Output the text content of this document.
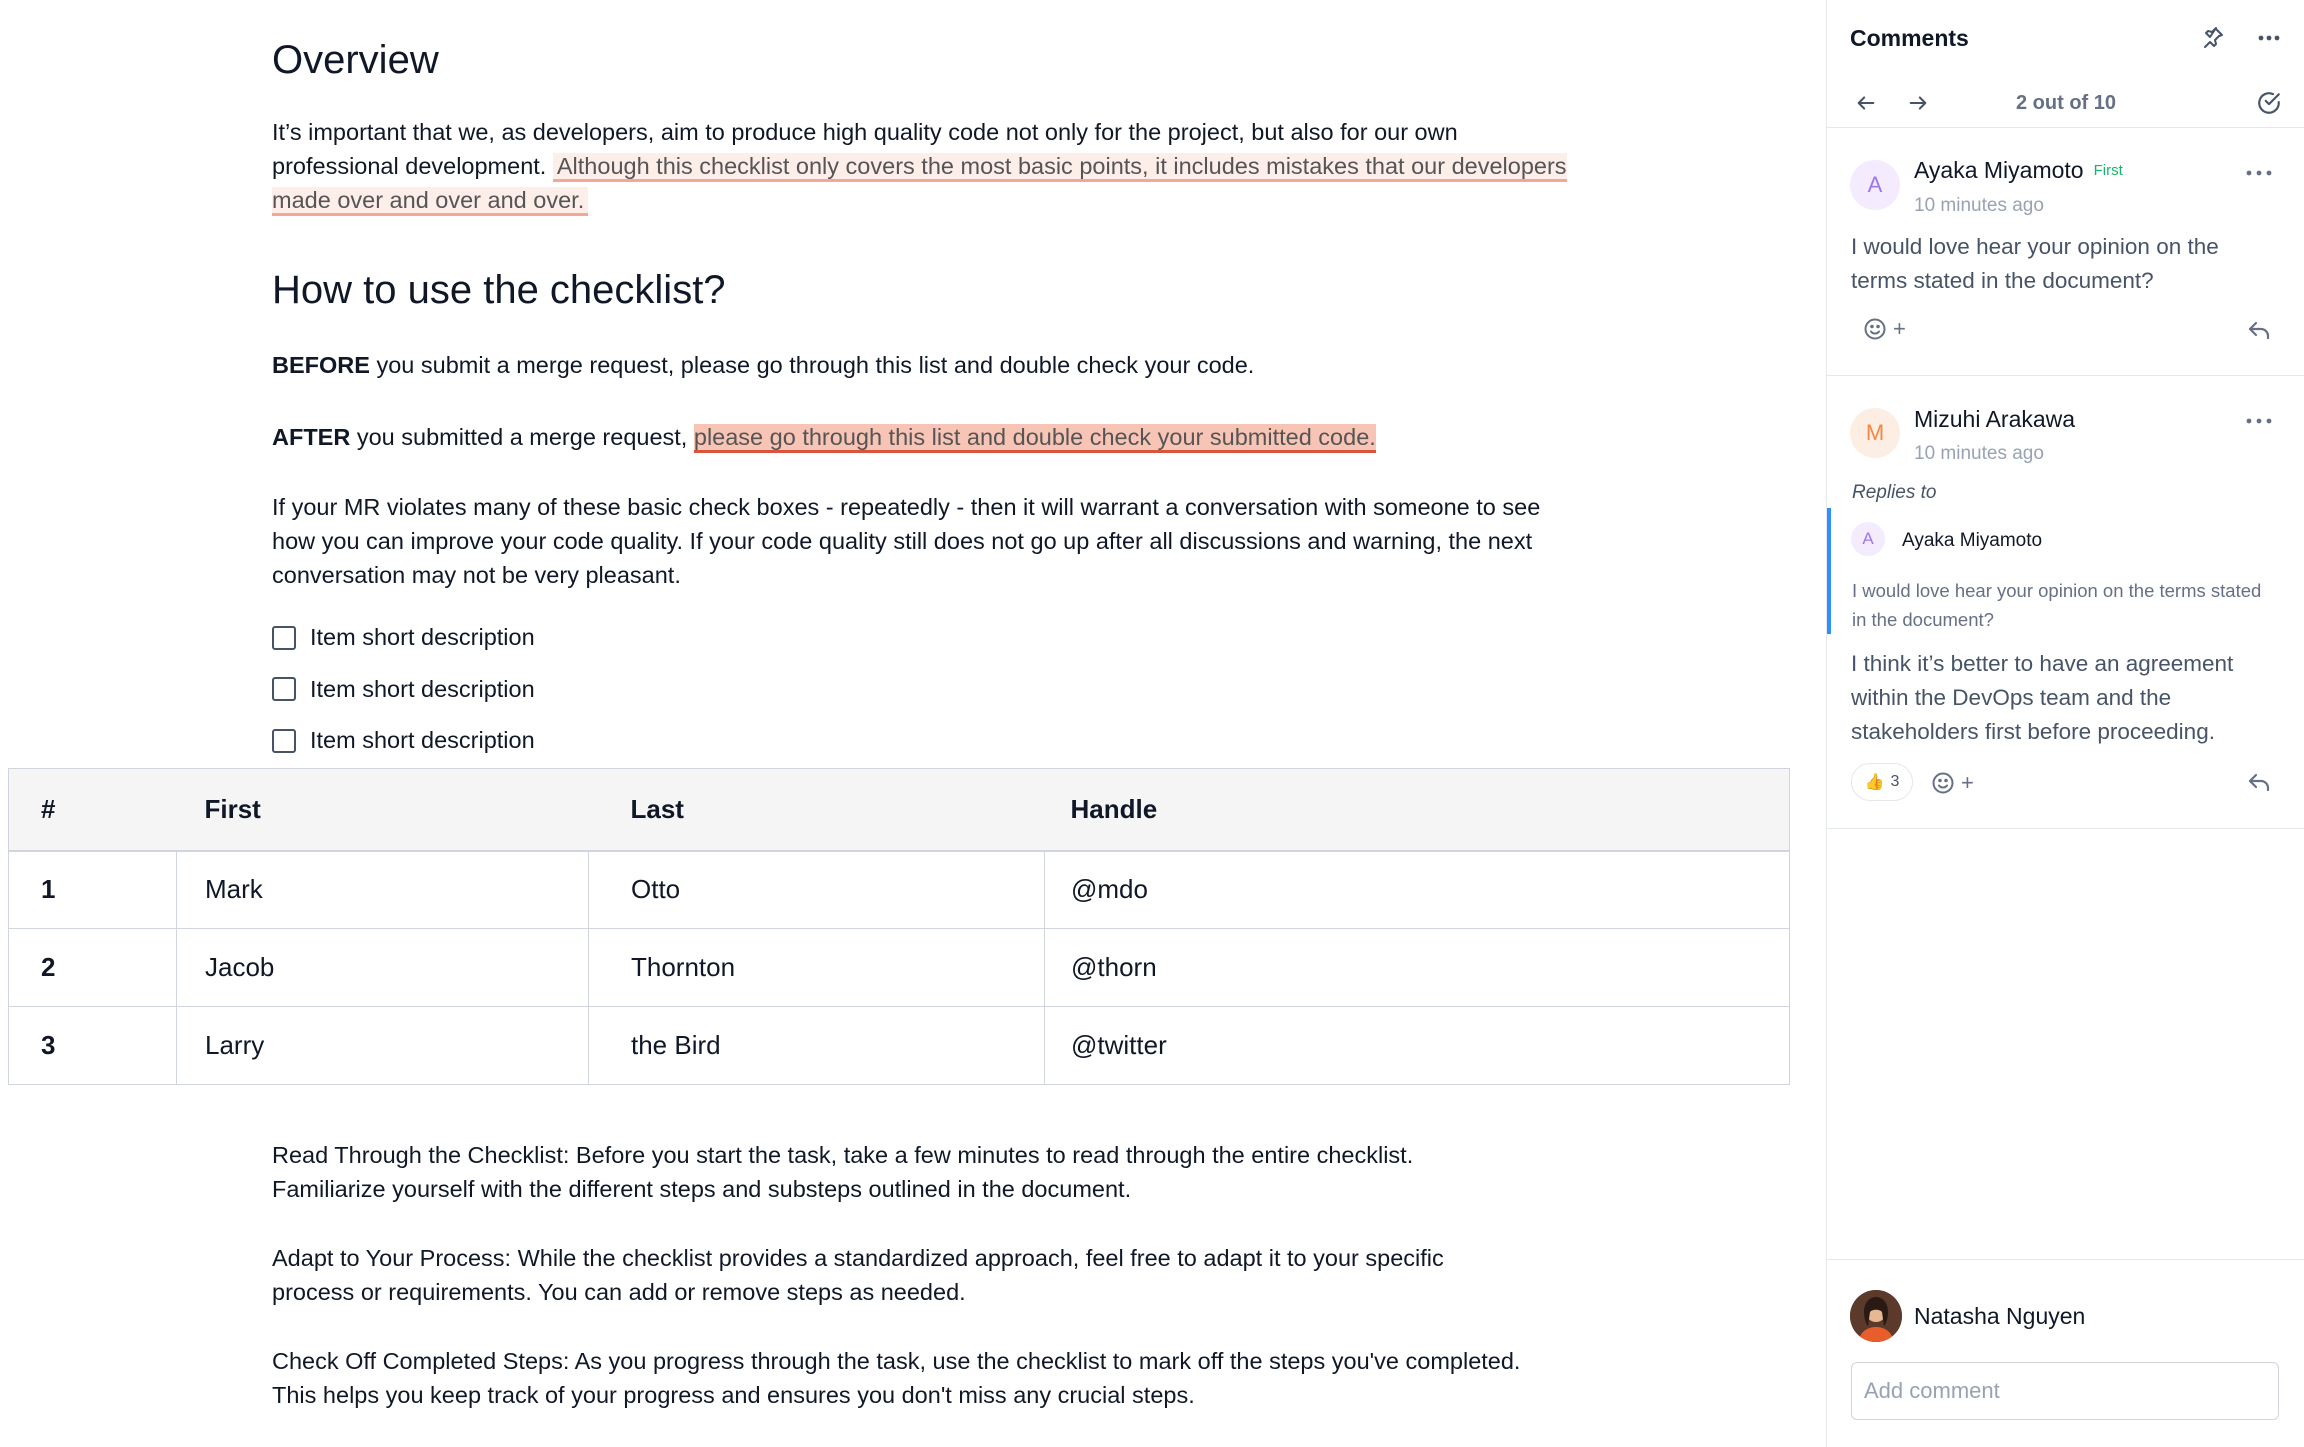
Overview

It’s important that we, as developers, aim to produce high quality code not only for the project, but also for our own professional development. Although this checklist only covers the most basic points, it includes mistakes that our developers made over and over and over.

How to use the checklist?

BEFORE you submit a merge request, please go through this list and double check your code.

AFTER you submitted a merge request, please go through this list and double check your submitted code.

If your MR violates many of these basic check boxes - repeatedly - then it will warrant a conversation with someone to see how you can improve your code quality. If your code quality still does not go up after all discussions and warning, the next conversation may not be very pleasant.

Item short description
Item short description
Item short description
#	First	Last	Handle
1	Mark	Otto	@mdo
2	Jacob	Thornton	@thorn
3	Larry	the Bird	@twitter

Read Through the Checklist: Before you start the task, take a few minutes to read through the entire checklist. Familiarize yourself with the different steps and substeps outlined in the document.

Adapt to Your Process: While the checklist provides a standardized approach, feel free to adapt it to your specific process or requirements. You can add or remove steps as needed.

Check Off Completed Steps: As you progress through the task, use the checklist to mark off the steps you've completed. This helps you keep track of your progress and ensures you don't miss any crucial steps.

Comments
2 out of 10
A
Ayaka Miyamoto First
10 minutes ago
I would love hear your opinion on the terms stated in the document?
+
M
Mizuhi Arakawa
10 minutes ago
Replies to
A	Ayaka Miyamoto
I would love hear your opinion on the terms stated in the document?
I think it’s better to have an agreement within the DevOps team and the stakeholders first before proceeding.
👍 3	+
Natasha Nguyen
Add comment
